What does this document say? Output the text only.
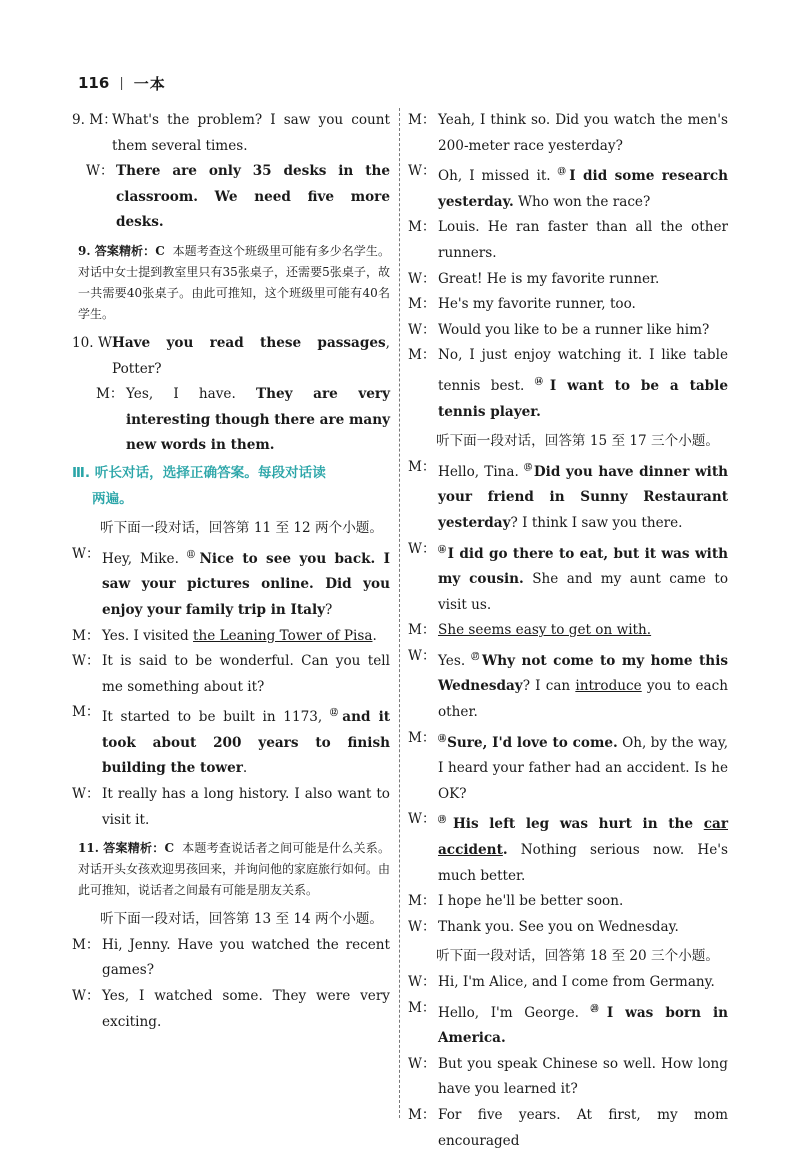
116 | 一本
9. M：
What's the problem? I saw you count them several times.
W： There are only 35 desks in the classroom. We need five more desks.
9. 答案精析：C 本题考查这个班级里可能有多少名学生。对话中女士提到教室里只有35张桌子，还需要5张桌子，故一共需要40张桌子。由此可推知，这个班级里可能有40名学生。
10. W：
Have you read these passages, Potter?
M： Yes, I have. They are very interesting though there are many new words in them.
Ⅲ. 听长对话，选择正确答案。每段对话读
两遍。
听下面一段对话，回答第 11 至 12 两个小题。
W： Hey, Mike. ⑪Nice to see you back. I saw your pictures online. Did you enjoy your family trip in Italy?
M： Yes. I visited the Leaning Tower of Pisa.
W： It is said to be wonderful. Can you tell me something about it?
M： It started to be built in 1173, ⑫and it took about 200 years to finish building the tower.
W： It really has a long history. I also want to visit it.
11. 答案精析：C 本题考查说话者之间可能是什么关系。对话开头女孩欢迎男孩回来，并询问他的家庭旅行如何。由此可推知，说话者之间最有可能是朋友关系。
听下面一段对话，回答第 13 至 14 两个小题。
M： Hi, Jenny. Have you watched the recent games?
W： Yes, I watched some. They were very exciting.
M： Yeah, I think so. Did you watch the men's 200-meter race yesterday?
W： Oh, I missed it. ⑬I did some research yesterday. Who won the race?
M： Louis. He ran faster than all the other runners.
W： Great! He is my favorite runner.
M： He's my favorite runner, too.
W： Would you like to be a runner like him?
M： No, I just enjoy watching it. I like table tennis best. ⑭I want to be a table tennis player.
听下面一段对话，回答第 15 至 17 三个小题。
M： Hello, Tina. ⑮Did you have dinner with your friend in Sunny Restaurant yesterday? I think I saw you there.
W： ⑯I did go there to eat, but it was with my cousin. She and my aunt came to visit us.
M： She seems easy to get on with.
W： Yes. ⑰Why not come to my home this Wednesday? I can introduce you to each other.
M： ⑱Sure, I'd love to come. Oh, by the way, I heard your father had an accident. Is he OK?
W： ⑲His left leg was hurt in the car accident. Nothing serious now. He's much better.
M： I hope he'll be better soon.
W： Thank you. See you on Wednesday.
听下面一段对话，回答第 18 至 20 三个小题。
W： Hi, I'm Alice, and I come from Germany.
M： Hello, I'm George. ⑳I was born in America.
W： But you speak Chinese so well. How long have you learned it?
M： For five years. At first, my mom encouraged
